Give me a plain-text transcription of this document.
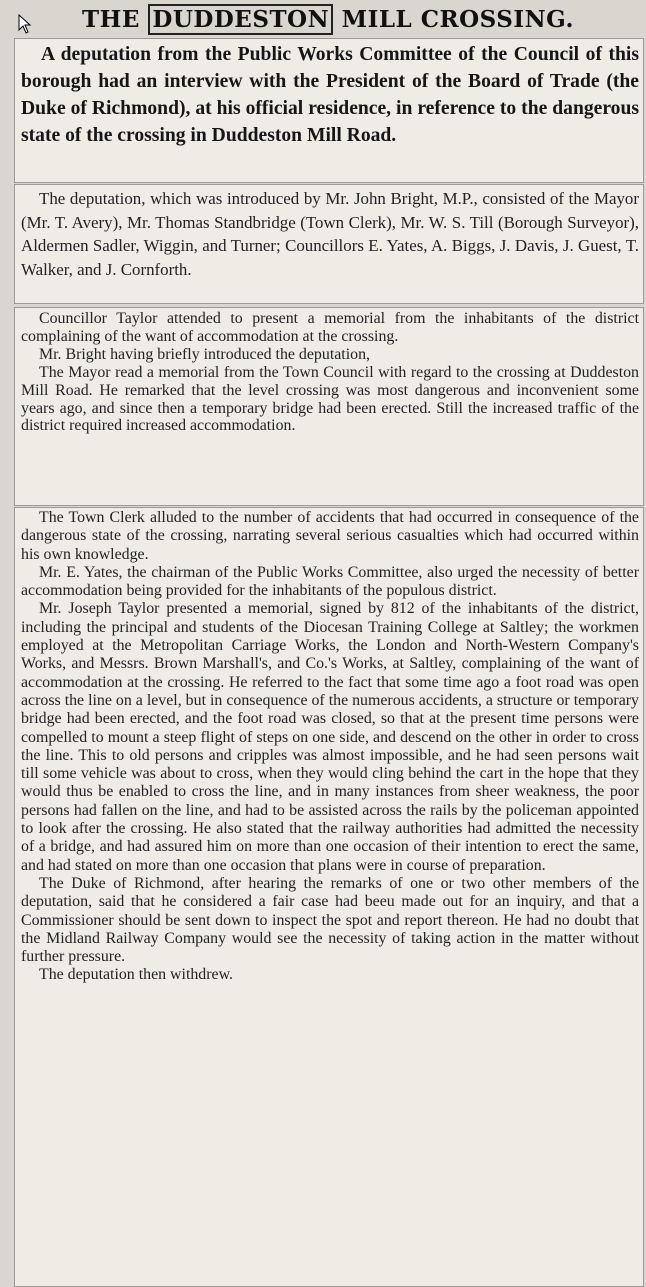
THE DUDDESTON MILL CROSSING.

A deputation from the Public Works Committee of the Council of this borough had an interview with the President of the Board of Trade (the Duke of Richmond), at his official residence, in reference to the dangerous state of the crossing in Duddeston Mill Road.

The deputation, which was introduced by Mr. John Bright, M.P., consisted of the Mayor (Mr. T. Avery), Mr. Thomas Standbridge (Town Clerk), Mr. W. S. Till (Borough Surveyor), Aldermen Sadler, Wiggin, and Turner; Councillors E. Yates, A. Biggs, J. Davis, J. Guest, T. Walker, and J. Cornforth.

Councillor Taylor attended to present a memorial from the inhabitants of the district complaining of the want of accommodation at the crossing.

Mr. Bright having briefly introduced the deputation,

The Mayor read a memorial from the Town Council with regard to the crossing at Duddeston Mill Road. He remarked that the level crossing was most dangerous and inconvenient some years ago, and since then a temporary bridge had been erected. Still the increased traffic of the district required increased accommodation.

The Town Clerk alluded to the number of accidents that had occurred in consequence of the dangerous state of the crossing, narrating several serious casualties which had occurred within his own knowledge.

Mr. E. Yates, the chairman of the Public Works Committee, also urged the necessity of better accommodation being provided for the inhabitants of the populous district.

Mr. Joseph Taylor presented a memorial, signed by 812 of the inhabitants of the district, including the principal and students of the Diocesan Training College at Saltley; the workmen employed at the Metropolitan Carriage Works, the London and North-Western Company's Works, and Messrs. Brown Marshall's, and Co.'s Works, at Saltley, complaining of the want of accommodation at the crossing. He referred to the fact that some time ago a foot road was open across the line on a level, but in consequence of the numerous accidents, a structure or temporary bridge had been erected, and the foot road was closed, so that at the present time persons were compelled to mount a steep flight of steps on one side, and descend on the other in order to cross the line. This to old persons and cripples was almost impossible, and he had seen persons wait till some vehicle was about to cross, when they would cling behind the cart in the hope that they would thus be enabled to cross the line, and in many instances from sheer weakness, the poor persons had fallen on the line, and had to be assisted across the rails by the policeman appointed to look after the crossing. He also stated that the railway authorities had admitted the necessity of a bridge, and had assured him on more than one occasion of their intention to erect the same, and had stated on more than one occasion that plans were in course of preparation.

The Duke of Richmond, after hearing the remarks of one or two other members of the deputation, said that he considered a fair case had beeu made out for an inquiry, and that a Commissioner should be sent down to inspect the spot and report thereon. He had no doubt that the Midland Railway Company would see the necessity of taking action in the matter without further pressure.

The deputation then withdrew.
